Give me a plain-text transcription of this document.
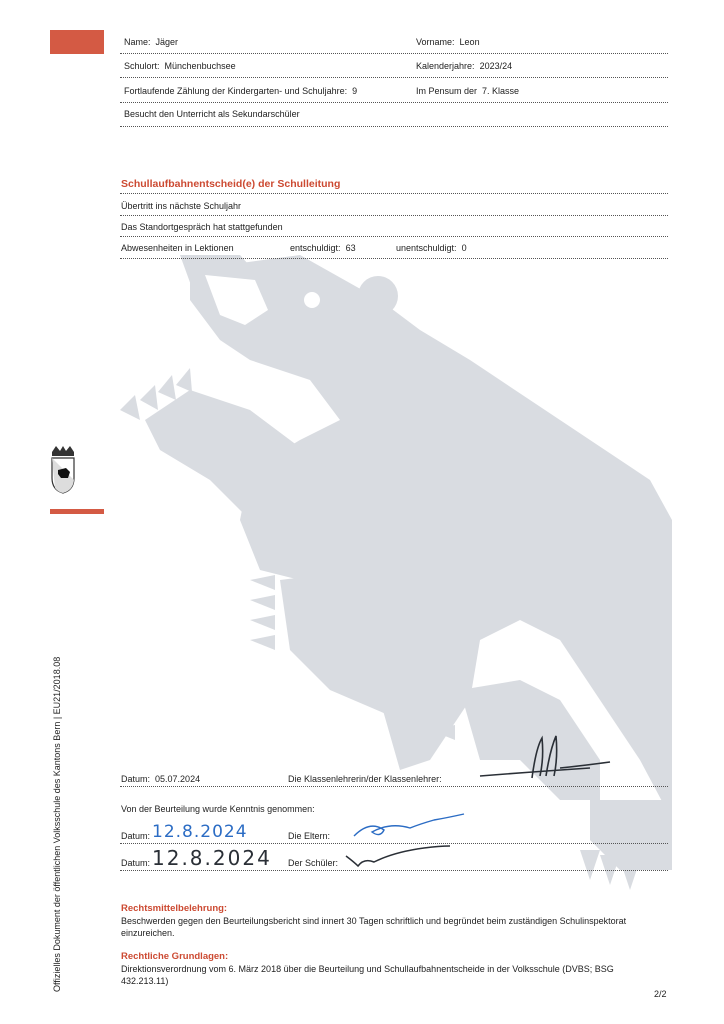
Name: Jäger	Vorname: Leon
Schulort: Münchenbuchsee	Kalenderjahre: 2023/24
Fortlaufende Zählung der Kindergarten- und Schuljahre: 9	Im Pensum der 7. Klasse
Besucht den Unterricht als Sekundarschüler
Schullaufbahnentscheid(e) der Schulleitung
Übertritt ins nächste Schuljahr
Das Standortgespräch hat stattgefunden
Abwesenheiten in Lektionen	entschuldigt: 63	unentschuldigt: 0
Datum: 05.07.2024	Die Klassenlehrerin/der Klassenlehrer:
Von der Beurteilung wurde Kenntnis genommen:
Datum: 12.8.2024	Die Eltern:
Datum: 12.8.2024 Der Schüler:
Rechtsmittelbelehrung:
Beschwerden gegen den Beurteilungsbericht sind innert 30 Tagen schriftlich und begründet beim zuständigen Schulinspektorat
einzureichen.
Rechtliche Grundlagen:
Direktionsverordnung vom 6. März 2018 über die Beurteilung und Schullaufbahnentscheide in der Volksschule (DVBS; BSG
432.213.11)
Offizielles Dokument der öffentlichen Volksschule des Kantons Bern | EU21/2018.08
2/2
